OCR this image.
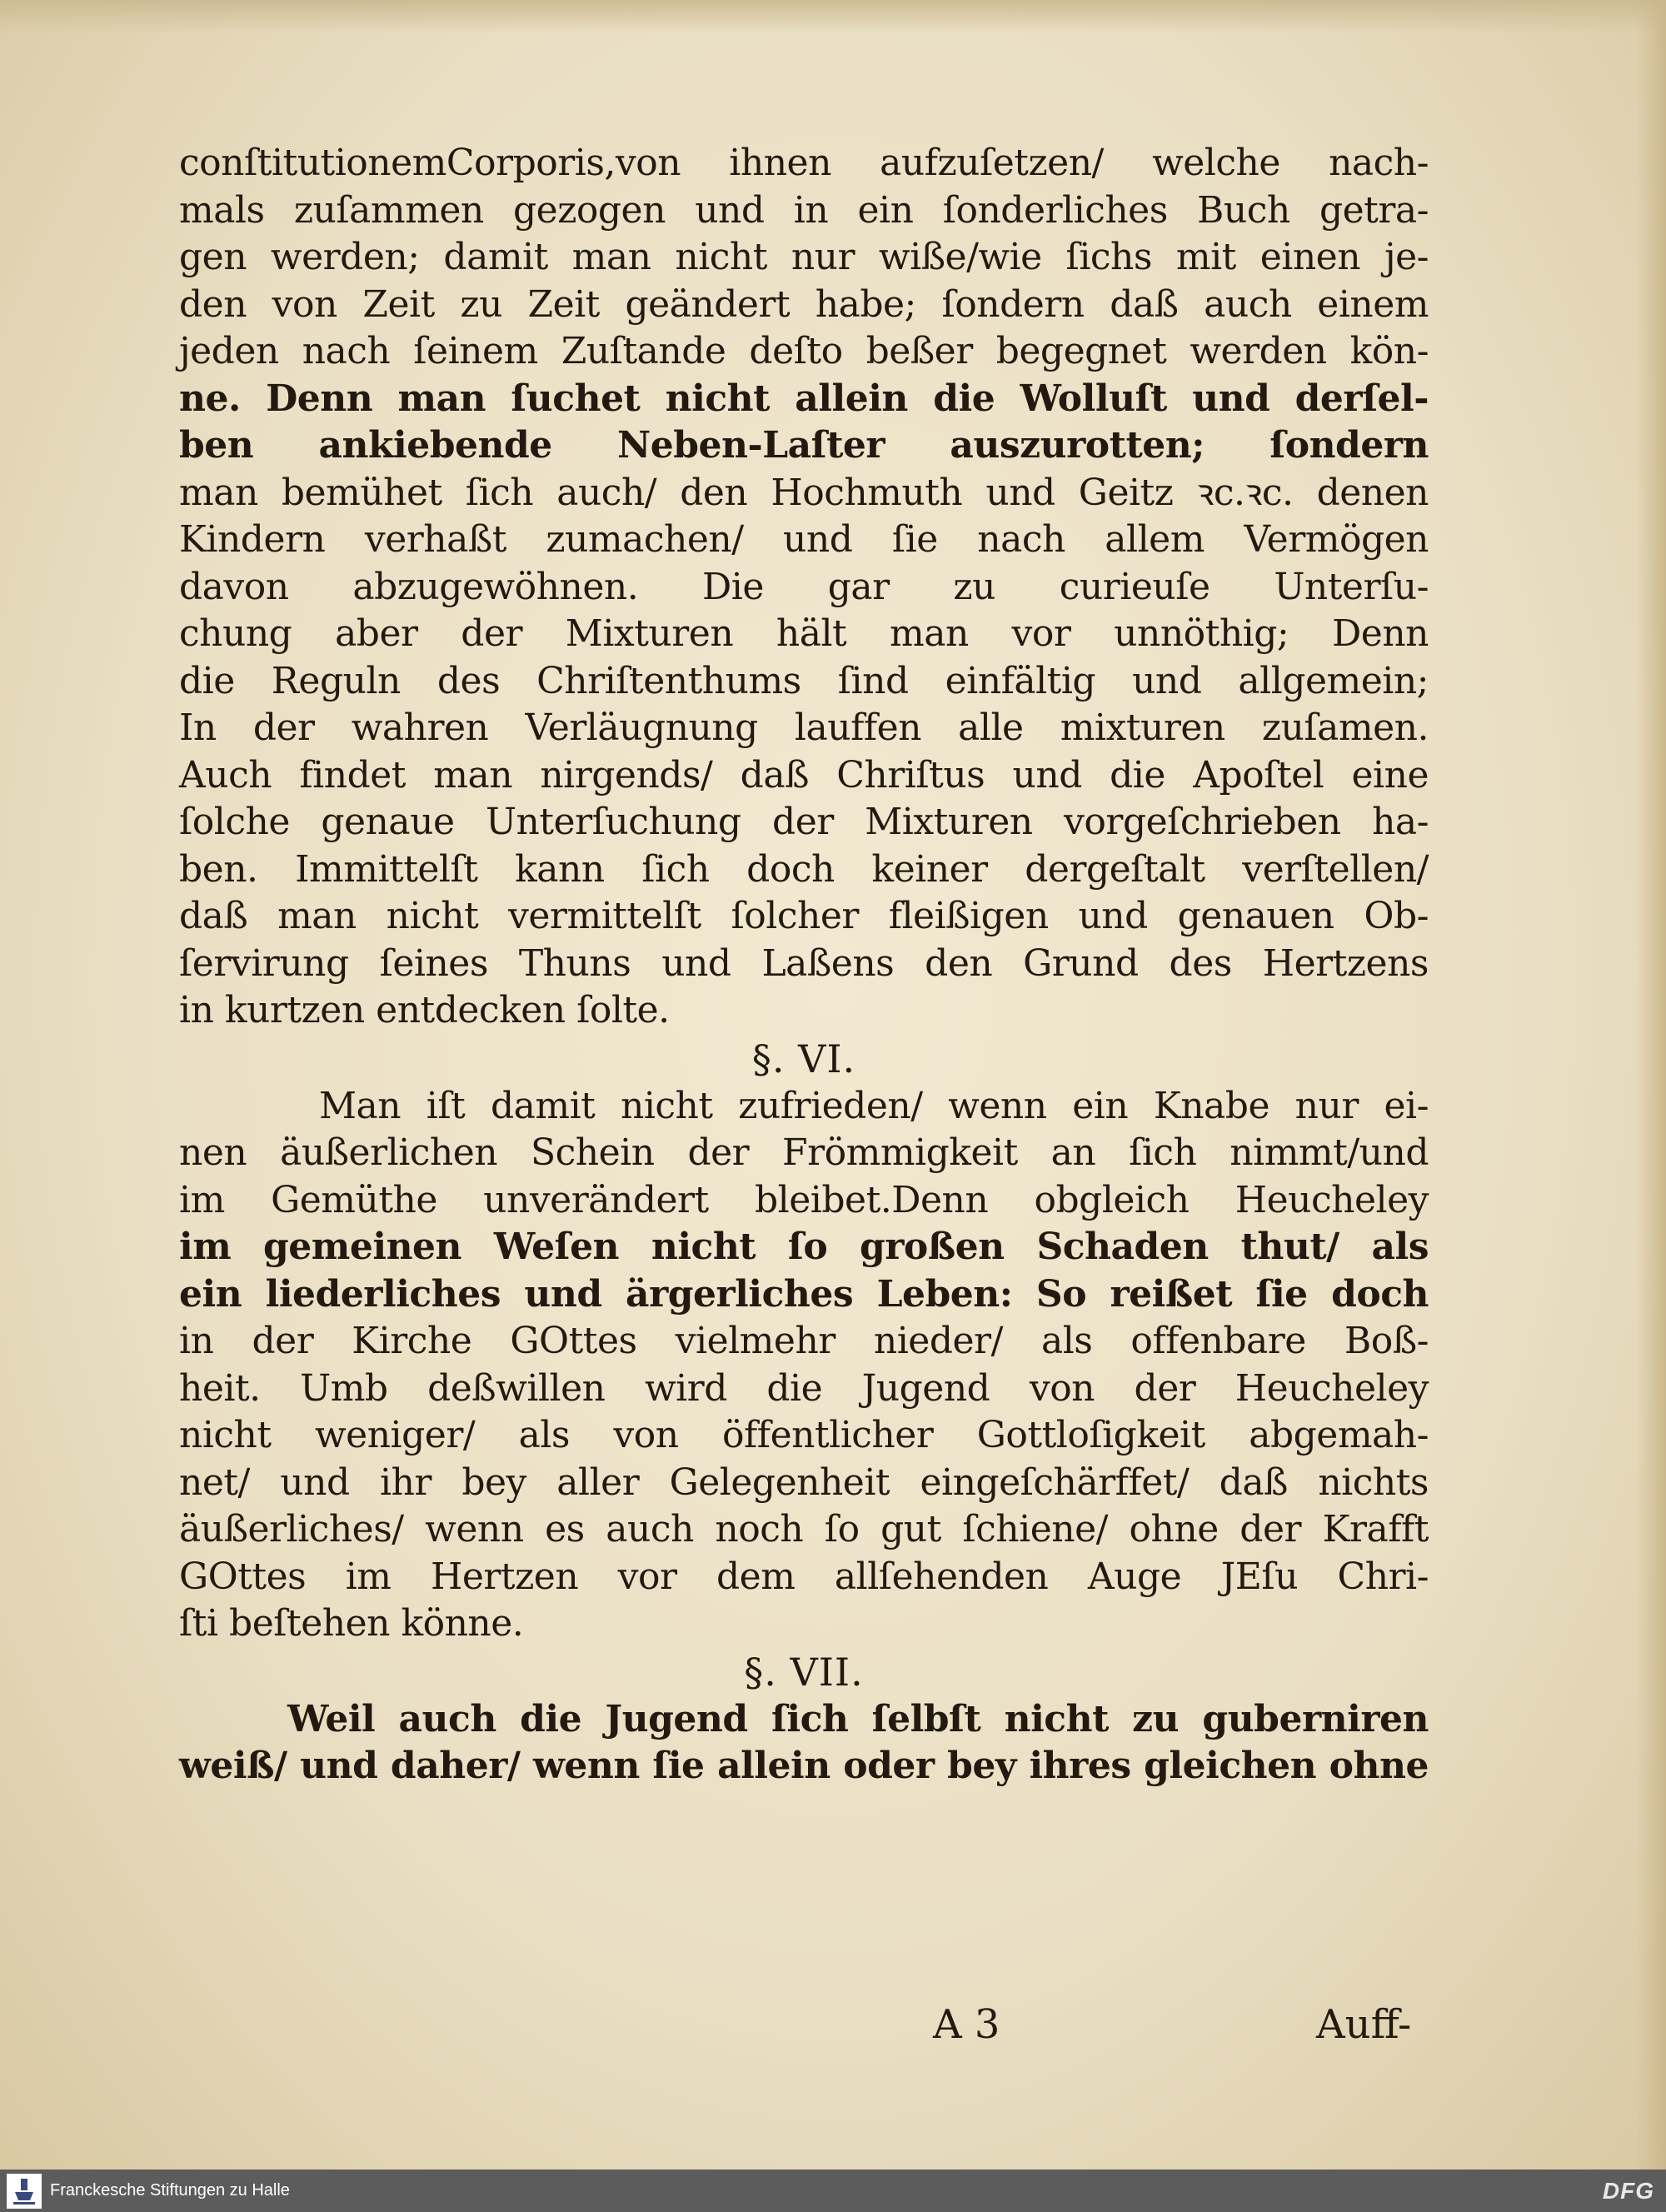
conſtitutionemCorporis,von ihnen aufzuſetzen/ welche nach-
mals zuſammen gezogen und in ein ſonderliches Buch getra-
gen werden; damit man nicht nur wiße/wie ſichs mit einen je-
den von Zeit zu Zeit geändert habe; ſondern daß auch einem
jeden nach ſeinem Zuſtande deſto beßer begegnet werden kön-
ne. Denn man ſuchet nicht allein die Wolluſt und derſel-
ben ankiebende Neben-Laſter auszurotten; ſondern
man bemühet ſich auch/ den Hochmuth und Geitz ꝛc.ꝛc. denen
Kindern verhaßt zumachen/ und ſie nach allem Vermögen
davon abzugewöhnen. Die gar zu curieuſe Unterſu-
chung aber der Mixturen hält man vor unnöthig; Denn
die Reguln des Chriſtenthums ſind einfältig und allgemein;
In der wahren Verläugnung lauffen alle mixturen zuſamen.
Auch findet man nirgends/ daß Chriſtus und die Apoſtel eine
ſolche genaue Unterſuchung der Mixturen vorgeſchrieben ha-
ben. Immittelſt kann ſich doch keiner dergeſtalt verſtellen/
daß man nicht vermittelſt ſolcher fleißigen und genauen Ob-
ſervirung ſeines Thuns und Laßens den Grund des Hertzens
in kurtzen entdecken ſolte.
§. VI.
Man iſt damit nicht zufrieden/ wenn ein Knabe nur ei-
nen äußerlichen Schein der Frömmigkeit an ſich nimmt/und
im Gemüthe unverändert bleibet.Denn obgleich Heucheley
im gemeinen Weſen nicht ſo großen Schaden thut/ als
ein liederliches und ärgerliches Leben: So reißet ſie doch
in der Kirche GOttes vielmehr nieder/ als offenbare Boß-
heit. Umb deßwillen wird die Jugend von der Heucheley
nicht weniger/ als von öffentlicher Gottloſigkeit abgemah-
net/ und ihr bey aller Gelegenheit eingeſchärffet/ daß nichts
äußerliches/ wenn es auch noch ſo gut ſchiene/ ohne der Krafft
GOttes im Hertzen vor dem allſehenden Auge JEſu Chri-
ſti beſtehen könne.
§. VII.
Weil auch die Jugend ſich ſelbſt nicht zu guberniren
weiß/ und daher/ wenn ſie allein oder bey ihres gleichen ohne
A 3	Auff-
Franckesche Stiftungen zu Halle	DFG
